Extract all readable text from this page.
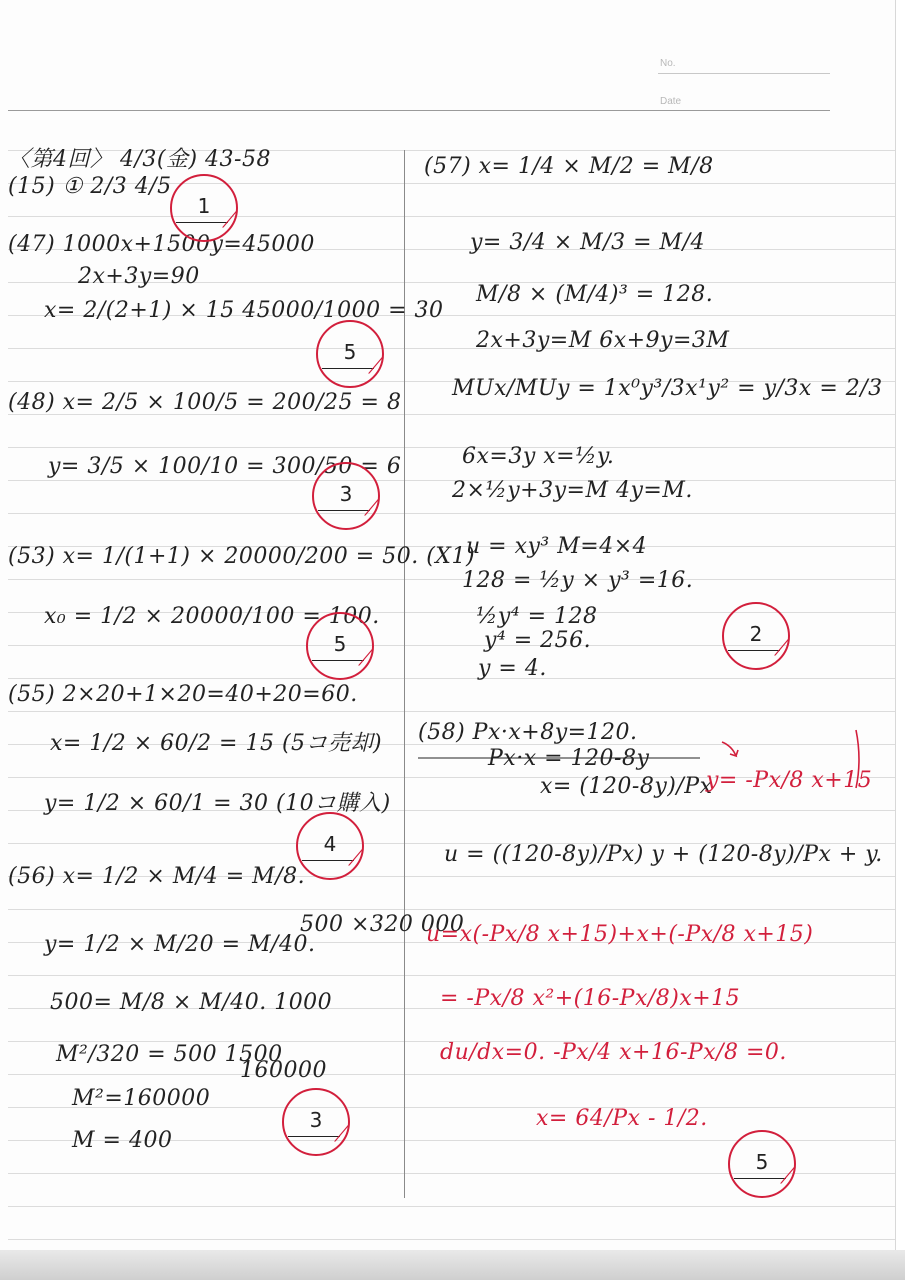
No.
Date
〈第4回〉 4/3(金) 43-58
(15) ① 2/3 4/5
(47) 1000x+1500y=45000
2x+3y=90
x= 2/(2+1) × 15 45000/1000 = 30
(48) x= 2/5 × 100/5 = 200/25 = 8
y= 3/5 × 100/10 = 300/50 = 6
(53) x= 1/(1+1) × 20000/200 = 50. (X1)
x₀ = 1/2 × 20000/100 = 100.
(55) 2×20+1×20=40+20=60.
x= 1/2 × 60/2 = 15 (5コ売却)
y= 1/2 × 60/1 = 30 (10コ購入)
(56) x= 1/2 × M/4 = M/8.
y= 1/2 × M/20 = M/40.
500 ×320 000
500= M/8 × M/40. 1000
M²/320 = 500 1500
160000
M²=160000
M = 400
(57) x= 1/4 × M/2 = M/8
y= 3/4 × M/3 = M/4
M/8 × (M/4)³ = 128.
2x+3y=M 6x+9y=3M
MUx/MUy = 1x⁰y³/3x¹y² = y/3x = 2/3
6x=3y x=½y.
2×½y+3y=M 4y=M.
u = xy³ M=4×4
128 = ½y × y³ =16.
½y⁴ = 128
y⁴ = 256.
y = 4.
(58) Px·x+8y=120.
Px·x = 120-8y
x= (120-8y)/Px
u = ((120-8y)/Px) y + (120-8y)/Px + y.
y= -Px/8 x+15
u=x(-Px/8 x+15)+x+(-Px/8 x+15)
= -Px/8 x²+(16-Px/8)x+15
du/dx=0. -Px/4 x+16-Px/8 =0.
x= 64/Px - 1/2.
1
⟋
5
⟋
3
⟋
5
⟋
4
⟋
3
⟋
2
⟋
5
⟋
